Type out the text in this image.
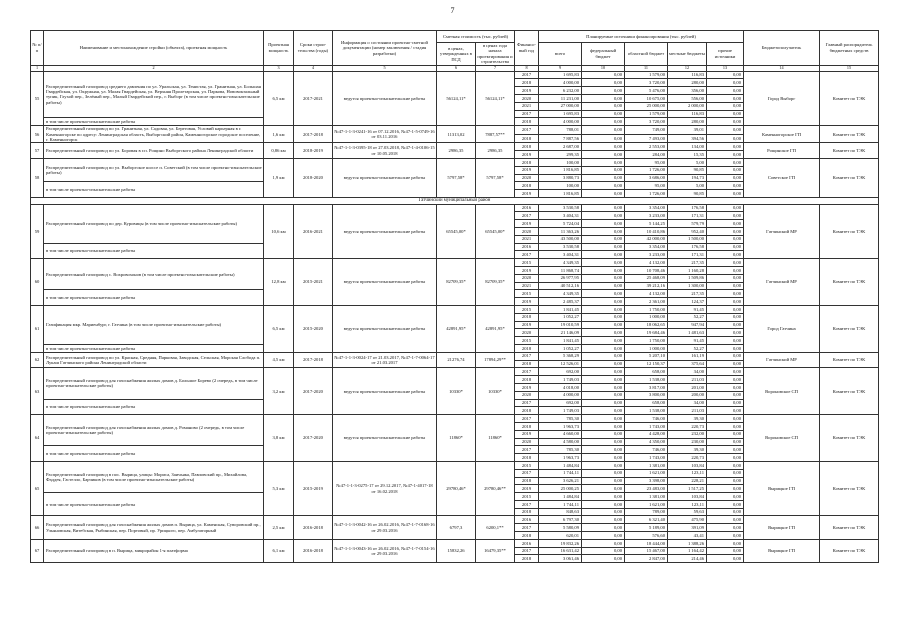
7
№ п/п	Наименование и местонахождение стройки (объекта), проектная мощность	Проектная мощность	Сроки строи-тельства (годы)	Информация о состоянии проектно-сметной документации (номер заключения / стадия разработки)	Сметная стоимость (тыс. рублей)		Финансо-вый год	Планируемые источники финансирования (тыс. рублей)					Бюджетополучатель	Главный распорядитель бюджетных средств
					в ценах, утвержденных в ПСД	в ценах года начала проектирования и строительства		всего	федеральный бюджет	областной бюджет	местные бюджеты	прочие источники		
1	2	3	4	5	6	7	8	9	10	11	12	13	14	15
55	Распределительный газопровод среднего давления по ул. Уральская, ул. Тенистая, ул. Гранитная, ул. Большая Гвардейская, ул. Окружная, ул. Малая Гвардейская, ул. Верхняя Пролетарская, ул. Паркова, Нововокзальный тупик, Глухой пер., Зелёный пер., Малый Гвардейский пер., г. Выборг (в том числе проектно-изыскательские работы)	6,5 км	2017-2021	ведутся проектно-изыскательские работы	56124,11*	56124,11*	2017	1 695,83	0,00	1 579,00	116,83	0,00	Город Выборг	Комитет по ТЭК
							2018	4 000,00	0,00	3 720,00	280,00	0,00		
							2019	6 232,00	0,00	5 476,00	356,00	0,00		
							2020	11 231,00	0,00	10 675,00	556,00	0,00		
							2021	27 000,00	0,00	25 000,00	2 000,00	0,00		
							2017	1 695,83	0,00	1 579,00	116,83	0,00		
	в том числе проектно-изыскательские работы						2018	4 000,00	0,00	3 720,00	280,00	0,00		
56	Распределительный газопровод по ул. Гранитная, ул. Садовая, ул. Береговая, Условий карьерная в г. Каменногорске по адресу: Ленинградская область, Выборгский район, Каменногорское городское поселение, г. Каменногорск	1,6 км	2017-2018	№47-1-1-3-0241-16 от 07.12.2016, №47-1-5-0749-16 от 03.11.2016	11313,02	7887,57**	2017	788,01	0,00	749,00	39,01	0,00	Каменногорское ГП	Комитет по ТЭК
							2018	7 887,56	0,00	7 493,00	394,56	0,00		
57	Распределительный газопровод по ул. Боровая в г.п. Рощино Выборгского района Ленинградской области	0,86 км	2018-2019	№47-1-1-3-0395-18 от 27.03.2018, №47-1-4-0106-15 от 10.05.2018	2986,35	2986,35	2018	2 687,00	0,00	2 553,00	134,00	0,00	Рощинское ГП	Комитет по ТЭК
							2019	299,35	0,00	284,00	15,35	0,00		
58	Распределительный газопровод по ул. Выборгское шоссе п. Советский (в том числе проектно-изыскательские работы)	1,9 км	2018-2020	ведутся проектно-изыскательские работы	5797,58*	5797,58*	2018	100,00	0,00	95,00	5,00	0,00	Советское ГП	Комитет по ТЭК
							2019	1 816,85	0,00	1 726,00	90,85	0,00		
							2020	3 880,73	0,00	3 686,00	194,73	0,00		
	в том числе проектно-изыскательские работы						2018	100,00	0,00	95,00	5,00	0,00		
							2019	1 816,85	0,00	1 726,00	90,85	0,00		
Гатчинский муниципальный район														
59	Распределительный газопровод по дер. Куровицы (в том числе проектно-изыскательские работы)	10,6 км	2016-2021	ведутся проектно-изыскательские работы	65545,00*	65545,00*	2016	3 530,58	0,00	3 354,00	176,58	0,00	Гатчинский МР	Комитет по ТЭК
							2017	3 404,31	0,00	3 233,00	171,31	0,00		
							2019	5 724,04	0,00	5 144,25	579,79	0,00		
							2020	11 363,26	0,00	10 410,86	952,40	0,00		
							2021	43 500,00	0,00	42 000,00	1 500,00	0,00		
	в том числе проектно-изыскательские работы						2016	3 530,58	0,00	3 354,00	176,58	0,00		
							2017	3 404,31	0,00	3 233,00	171,31	0,00		
60	Распределительный газопровод с. Вохровохонов (в том числе проектно-изыскательские работы)	12,8 км	2015-2021	ведутся проектно-изыскательские работы	82709,35*	82709,35*	2015	4 349,35	0,00	4 132,00	217,35	0,00	Гатчинский МР	Комитет по ТЭК
							2019	11 868,74	0,00	10 708,46	1 160,28	0,00		
							2020	26 977,95	0,00	25 468,09	1 509,86	0,00		
							2021	40 512,16	0,00	39 212,16	1 300,00	0,00		
	в том числе проектно-изыскательские работы						2015	4 349,35	0,00	4 132,00	217,35	0,00		
							2019	2 485,37	0,00	2 361,00	124,37	0,00		
61	Газификация мкр. Мариенбург, г. Гатчина (в том числе проектно-изыскательские работы)	6,5 км	2015-2020	ведутся проектно-изыскательские работы	42891,95*	42891,95*	2015	1 841,45	0,00	1 750,00	91,45	0,00	Город Гатчина	Комитет по ТЭК
							2018	1 052,27	0,00	1 000,00	52,27	0,00		
							2019	19 010,59	0,00	18 062,65	947,94	0,00		
							2020	21 146,09	0,00	19 684,46	1 481,63	0,00		
							2015	1 841,45	0,00	1 750,00	91,45	0,00		
	в том числе проектно-изыскательские работы						2018	1 052,27	0,00	1 000,00	52,27	0,00		
62	Распределительный газопровод по ул. Красная, Средняя, Парковая, Заводская, Сельская, Морская Слобода п. Лукаш Гатчинского района Ленинградской области	4,5 км	2017-2018	№47-1-1-3-0024-17 от 21.03.2017, №47-1-7-0064-17 от 21.03.2017	21276,74	17894,29**	2017	5 368,29	0,00	5 207,10	161,19	0,00	Гатчинский МР	Комитет по ТЭК
							2018	12 526,01	0,00	12 150,37	375,64	0,00		
63	Распределительный газопровод для газоснабжения жилых домов д. Большое Борево (2 очередь, в том числе проектно-изыскательские работы)	3,2 км	2017-2020	ведутся проектно-изыскательские работы	10330*	10330*	2017	692,00	0,00	658,00	34,00	0,00	Вороновское СП	Комитет по ТЭК
							2018	1 749,03	0,00	1 538,00	211,03	0,00		
							2019	4 018,00	0,00	3 817,00	201,00	0,00		
							2020	4 000,00	0,00	3 800,00	200,00	0,00		
	в том числе проектно-изыскательские работы						2017	692,00	0,00	658,00	34,00	0,00		
							2018	1 749,03	0,00	1 538,00	211,03	0,00		
64	Распределительный газопровод для газоснабжения жилых домов д. Романово (2 очередь, в том числе проектно-изыскательские работы)	3,8 км	2017-2020	ведутся проектно-изыскательские работы	11860*	11860*	2017	785,30	0,00	746,00	39,30	0,00	Вороновское СП	Комитет по ТЭК
							2018	1 963,73	0,00	1 743,00	220,73	0,00		
							2019	4 660,00	0,00	4 428,00	232,00	0,00		
							2020	4 580,00	0,00	4 350,00	230,00	0,00		
	в том числе проектно-изыскательские работы						2017	785,30	0,00	746,00	39,30	0,00		
							2018	1 963,73	0,00	1 743,00	220,73	0,00		
65	Распределительный газопровод в пос. Вырица, улицы: Мориса, Заичьяка, Павловский пр., Михайлова, Фаддея, Гастелло, Барчиков (в том числе проектно-изыскательские работы)	5,3 км	2015-2019	№47-1-1-3-0275-17 от 29.12.2017, №47-1-4017-18 от 16.02.2018	29780,46*	29780,46**	2015	1 484,84	0,00	1 381,00	103,84	0,00	Вырицкое ГП	Комитет по ТЭК
							2017	1 744,11	0,00	1 621,00	123,11	0,00		
							2018	3 626,21	0,00	3 398,00	228,21	0,00		
							2019	25 000,25	0,00	23 483,00	1 517,25	0,00		
	в том числе проектно-изыскательские работы						2015	1 484,84	0,00	1 381,00	103,84	0,00		
							2017	1 744,11	0,00	1 621,00	123,11	0,00		
							2018	848,63	0,00	789,00	59,63	0,00		
66	Распределительный газопровод для газоснабжения жилых домов п. Вырица, ул. Каменская, Суворовский пр., Ульяновская, Витебская, Рыбинская, пер. Портовый, пр. Урицкого, пер. Амбулаторный	2,5 км	2016-2018	№47-1-1-3-0042-16 от 26.02.2016, №47-1-7-0168-16 от 29.03.2016	6797,3	6200,1**	2016	6 797,30	0,00	6 321,40	475,90	0,00	Вырицкое ГП	Комитет по ТЭК
							2017	5 580,09	0,00	5 189,00	391,09	0,00		
							2018	620,01	0,00	576,60	43,41	0,00		
67	Распределительный газопровод в п. Вырица, микрорайон 1-я платформа	6,1 км	2016-2018	№47-1-1-3-0043-16 от 26.02.2016, №47-1-7-0154-16 от 29.03.2016	15832,26	16479,35**	2016	19 832,26	0,00	18 444,00	1 388,26	0,00	Вырицкое ГП	Комитет по ТЭК
							2017	16 631,42	0,00	15 467,00	1 164,42	0,00		
							2018	3 061,46	0,00	2 847,00	214,46	0,00		
